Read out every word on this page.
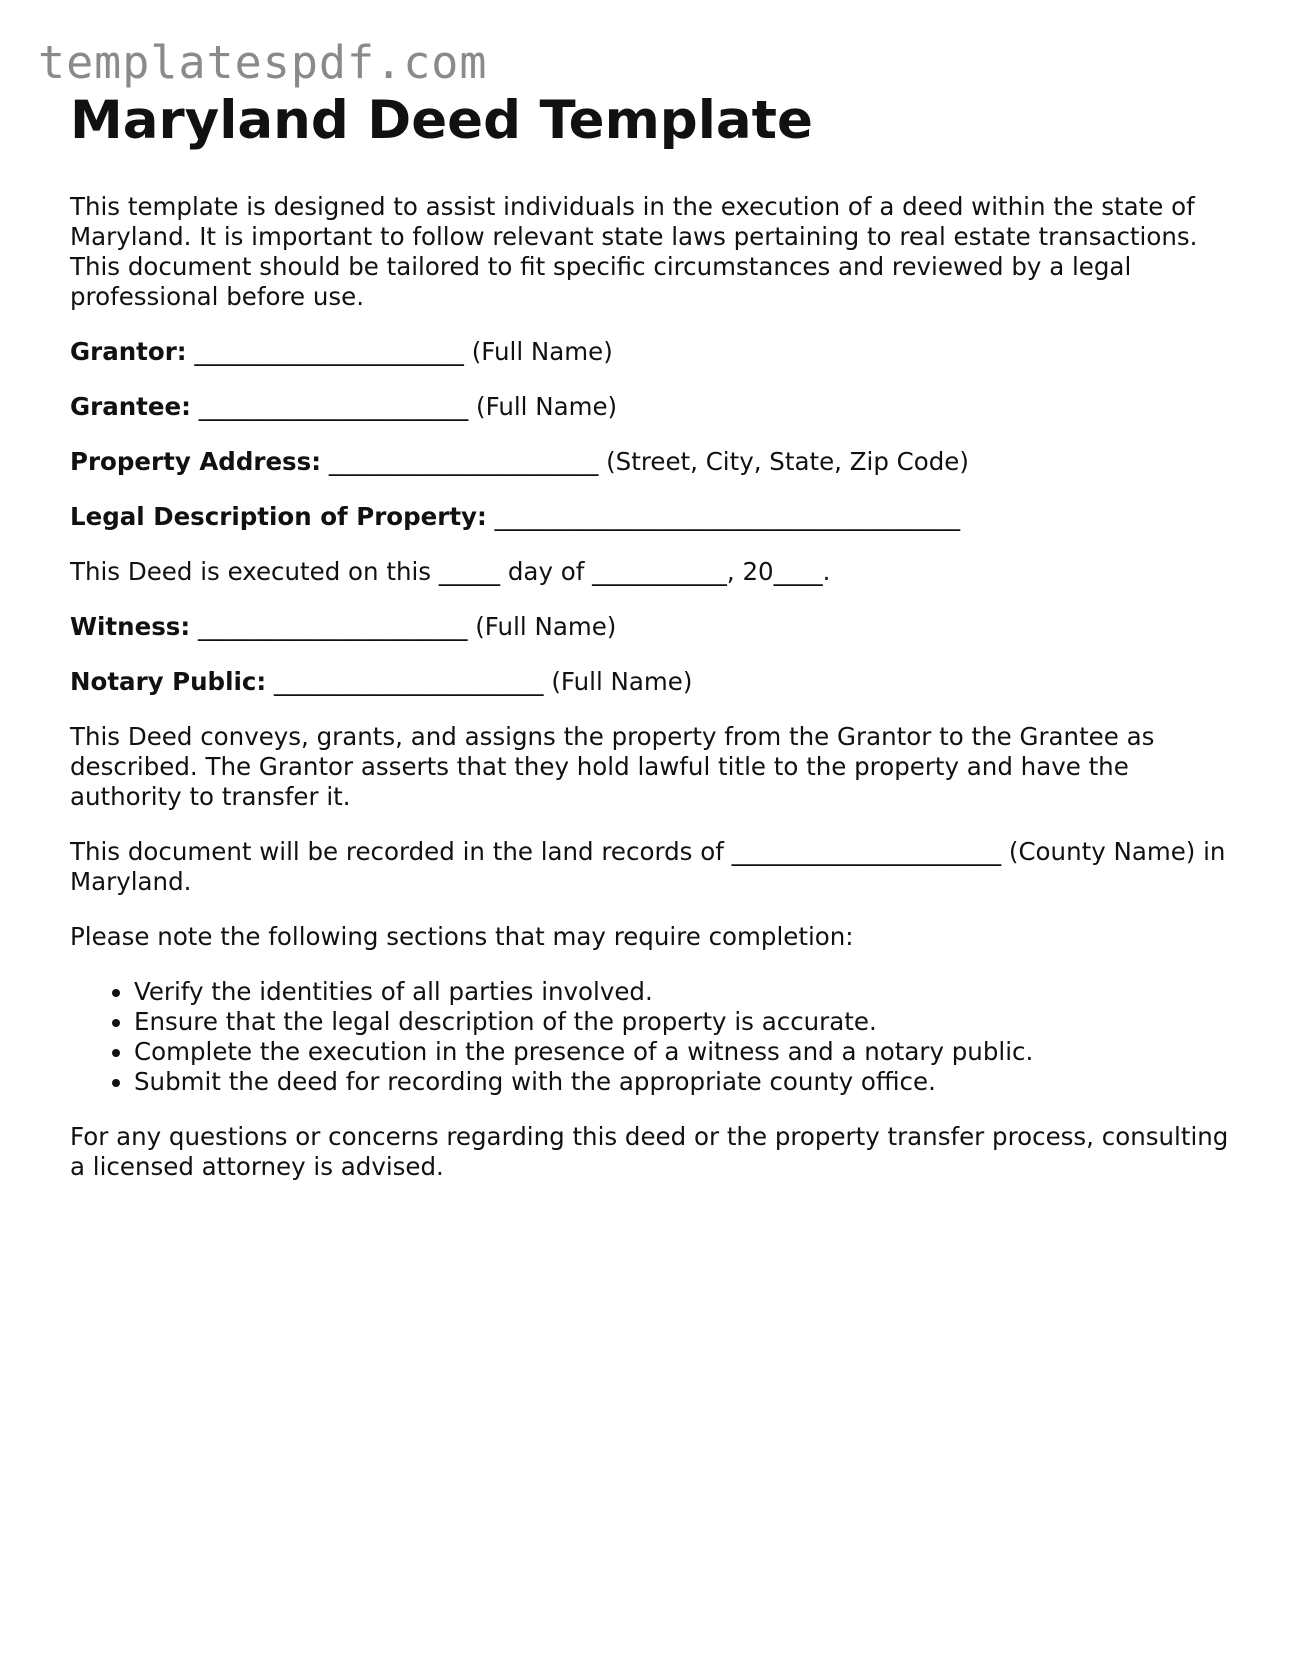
templatespdf.com
Maryland Deed Template

This template is designed to assist individuals in the execution of a deed within the state of Maryland. It is important to follow relevant state laws pertaining to real estate transactions. This document should be tailored to fit specific circumstances and reviewed by a legal professional before use.

Grantor: ______________________ (Full Name)

Grantee: ______________________ (Full Name)

Property Address: ______________________ (Street, City, State, Zip Code)

Legal Description of Property: ______________________________________

This Deed is executed on this _____ day of ___________, 20____.

Witness: ______________________ (Full Name)

Notary Public: ______________________ (Full Name)

This Deed conveys, grants, and assigns the property from the Grantor to the Grantee as described. The Grantor asserts that they hold lawful title to the property and have the authority to transfer it.

This document will be recorded in the land records of ______________________ (County Name) in Maryland.

Please note the following sections that may require completion:

• Verify the identities of all parties involved.
• Ensure that the legal description of the property is accurate.
• Complete the execution in the presence of a witness and a notary public.
• Submit the deed for recording with the appropriate county office.

For any questions or concerns regarding this deed or the property transfer process, consulting a licensed attorney is advised.
